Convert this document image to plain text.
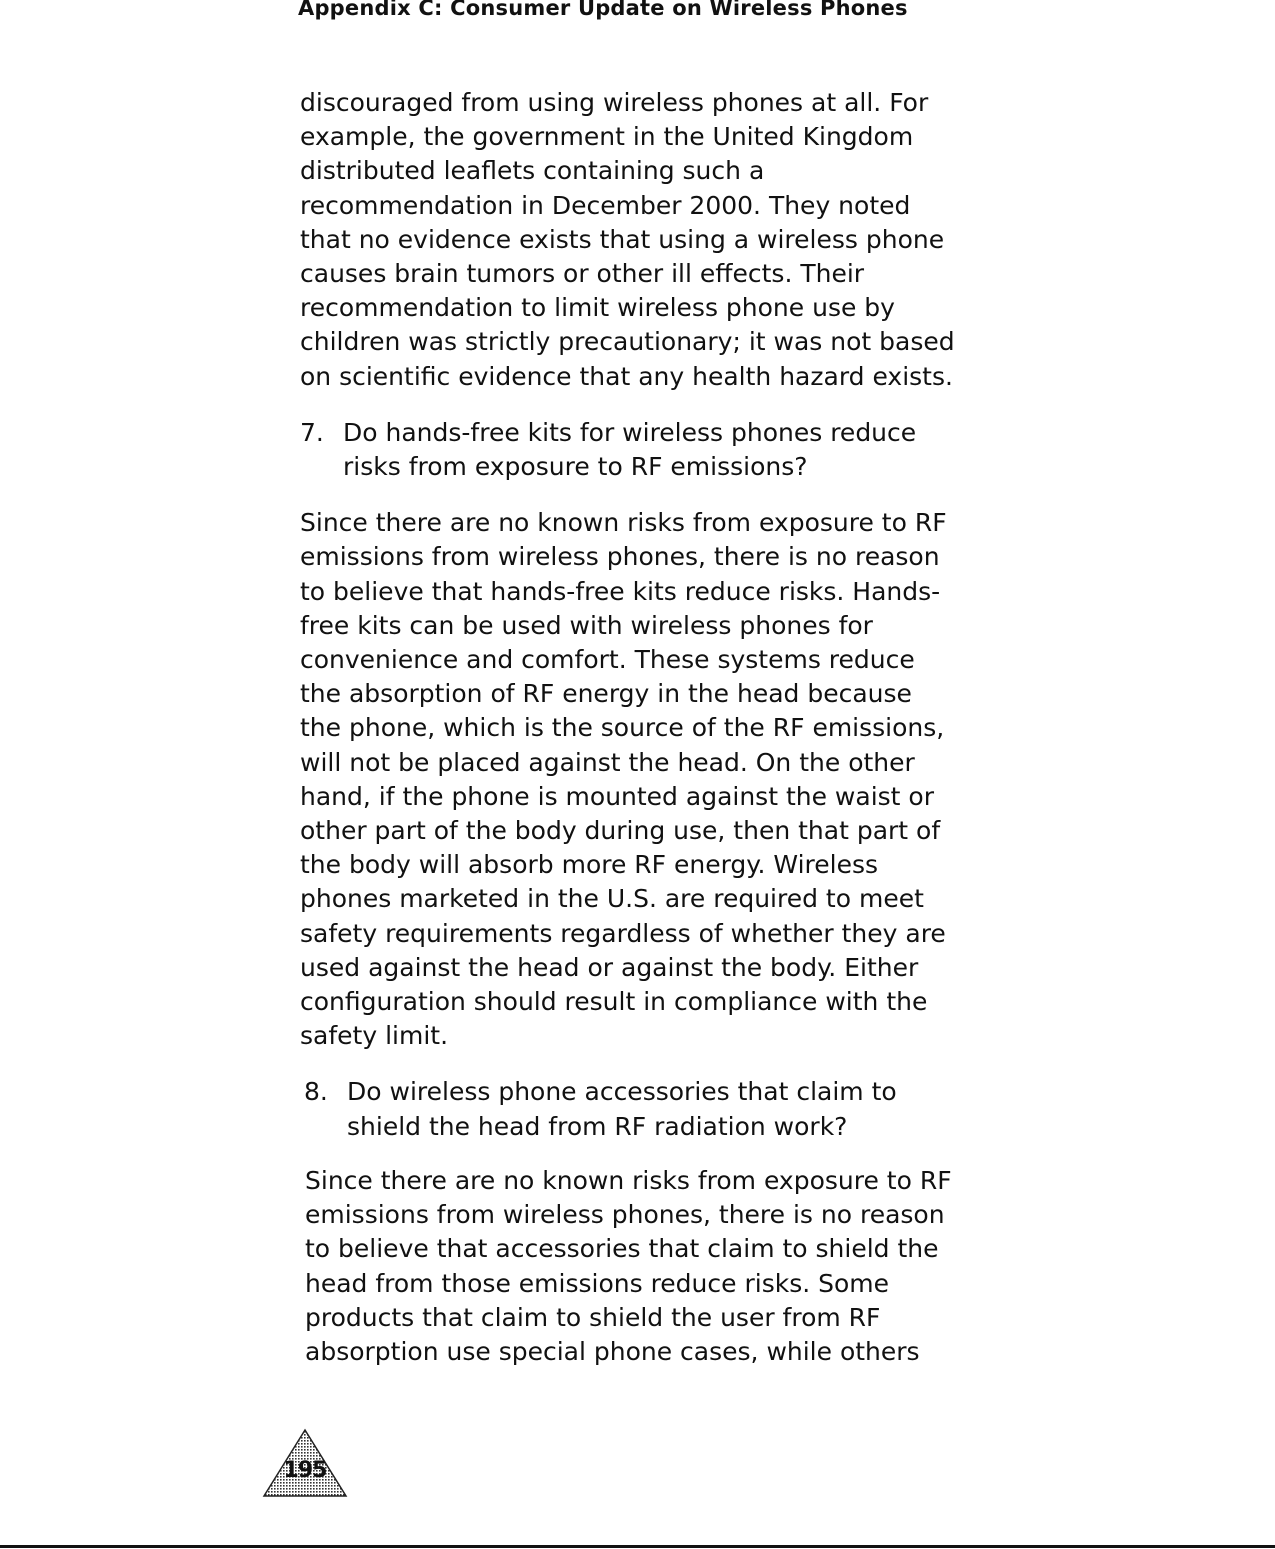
Appendix C: Consumer Update on Wireless Phones

discouraged from using wireless phones at all. For
example, the government in the United Kingdom
distributed leaflets containing such a
recommendation in December 2000. They noted
that no evidence exists that using a wireless phone
causes brain tumors or other ill effects. Their
recommendation to limit wireless phone use by
children was strictly precautionary; it was not based
on scientific evidence that any health hazard exists.

7. Do hands-free kits for wireless phones reduce
risks from exposure to RF emissions?

Since there are no known risks from exposure to RF
emissions from wireless phones, there is no reason
to believe that hands-free kits reduce risks. Hands-
free kits can be used with wireless phones for
convenience and comfort. These systems reduce
the absorption of RF energy in the head because
the phone, which is the source of the RF emissions,
will not be placed against the head. On the other
hand, if the phone is mounted against the waist or
other part of the body during use, then that part of
the body will absorb more RF energy. Wireless
phones marketed in the U.S. are required to meet
safety requirements regardless of whether they are
used against the head or against the body. Either
configuration should result in compliance with the
safety limit.

8. Do wireless phone accessories that claim to
shield the head from RF radiation work?

Since there are no known risks from exposure to RF
emissions from wireless phones, there is no reason
to believe that accessories that claim to shield the
head from those emissions reduce risks. Some
products that claim to shield the user from RF
absorption use special phone cases, while others

195
